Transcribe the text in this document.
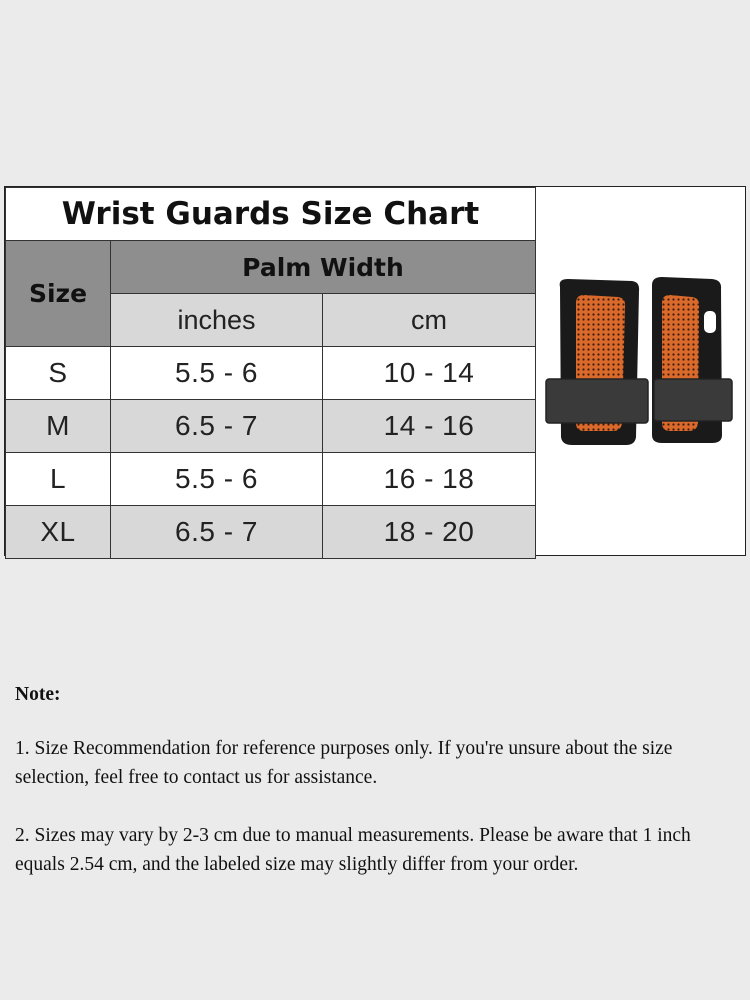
Wrist Guards Size Chart		
Size	Palm Width	
	inches	cm
S	5.5 - 6	10 - 14
M	6.5 - 7	14 - 16
L	5.5 - 6	16 - 18
XL	6.5 - 7	18 - 20
Note:

1. Size Recommendation for reference purposes only. If you're unsure about the size selection, feel free to contact us for assistance.

2. Sizes may vary by 2-3 cm due to manual measurements. Please be aware that 1 inch equals 2.54 cm, and the labeled size may slightly differ from your order.
